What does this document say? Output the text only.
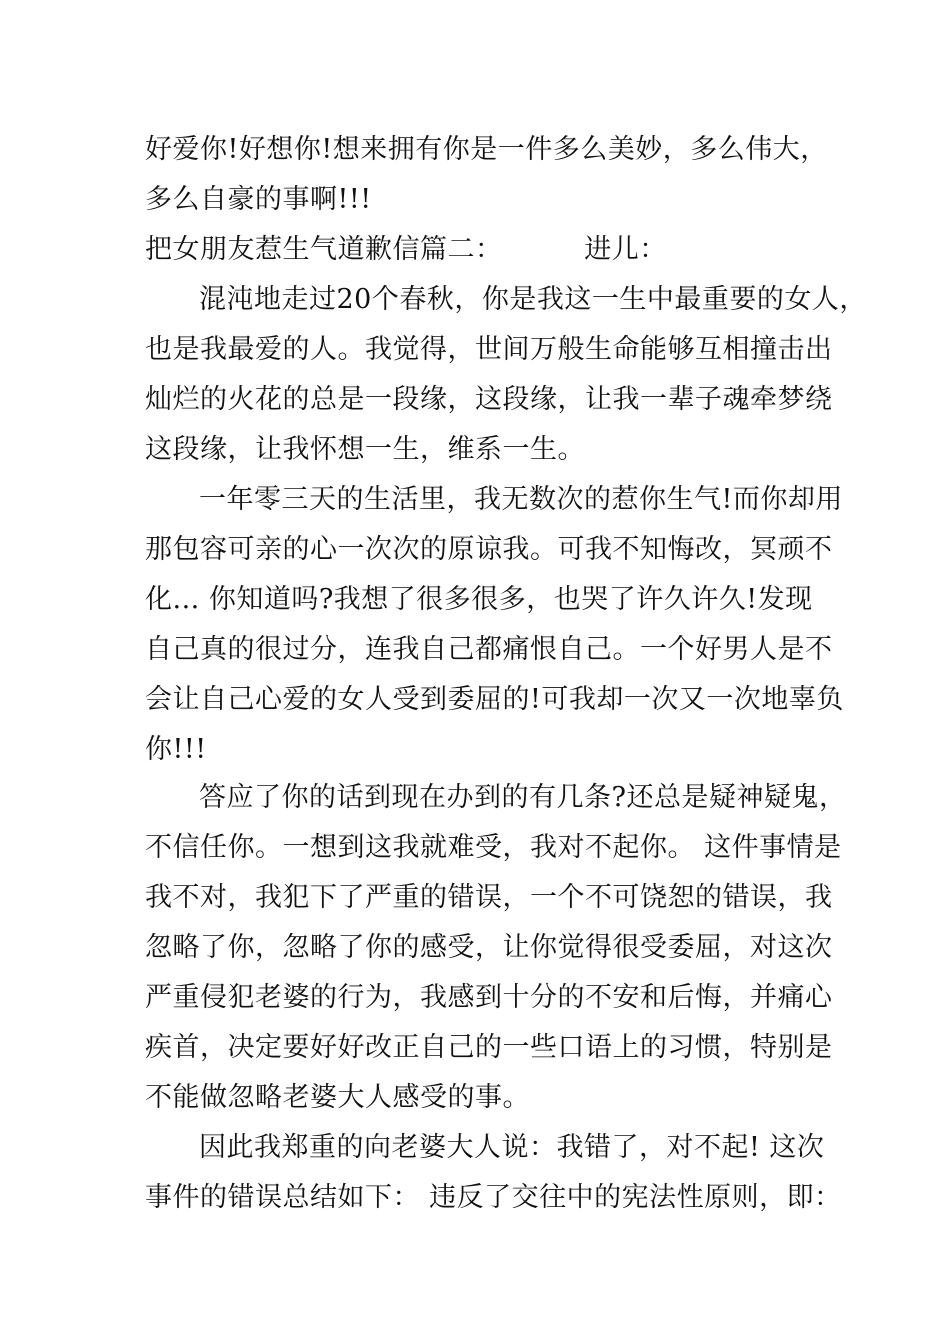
好爱你!好想你!想来拥有你是一件多么美妙，多么伟大，
多么自豪的事啊!!!
把女朋友惹生气道歉信篇二：         进儿：
混沌地走过20个春秋，你是我这一生中最重要的女人，
也是我最爱的人。我觉得，世间万般生命能够互相撞击出
灿烂的火花的总是一段缘，这段缘，让我一辈子魂牵梦绕
这段缘，让我怀想一生，维系一生。
一年零三天的生活里，我无数次的惹你生气!而你却用
那包容可亲的心一次次的原谅我。可我不知悔改，冥顽不
化... 你知道吗?我想了很多很多，也哭了许久许久!发现
自己真的很过分，连我自己都痛恨自己。一个好男人是不
会让自己心爱的女人受到委屈的!可我却一次又一次地辜负
你!!!
答应了你的话到现在办到的有几条?还总是疑神疑鬼，
不信任你。一想到这我就难受，我对不起你。 这件事情是
我不对，我犯下了严重的错误，一个不可饶恕的错误，我
忽略了你，忽略了你的感受，让你觉得很受委屈，对这次
严重侵犯老婆的行为，我感到十分的不安和后悔，并痛心
疾首，决定要好好改正自己的一些口语上的习惯，特别是
不能做忽略老婆大人感受的事。
因此我郑重的向老婆大人说：我错了，对不起! 这次
事件的错误总结如下： 违反了交往中的宪法性原则，即：
